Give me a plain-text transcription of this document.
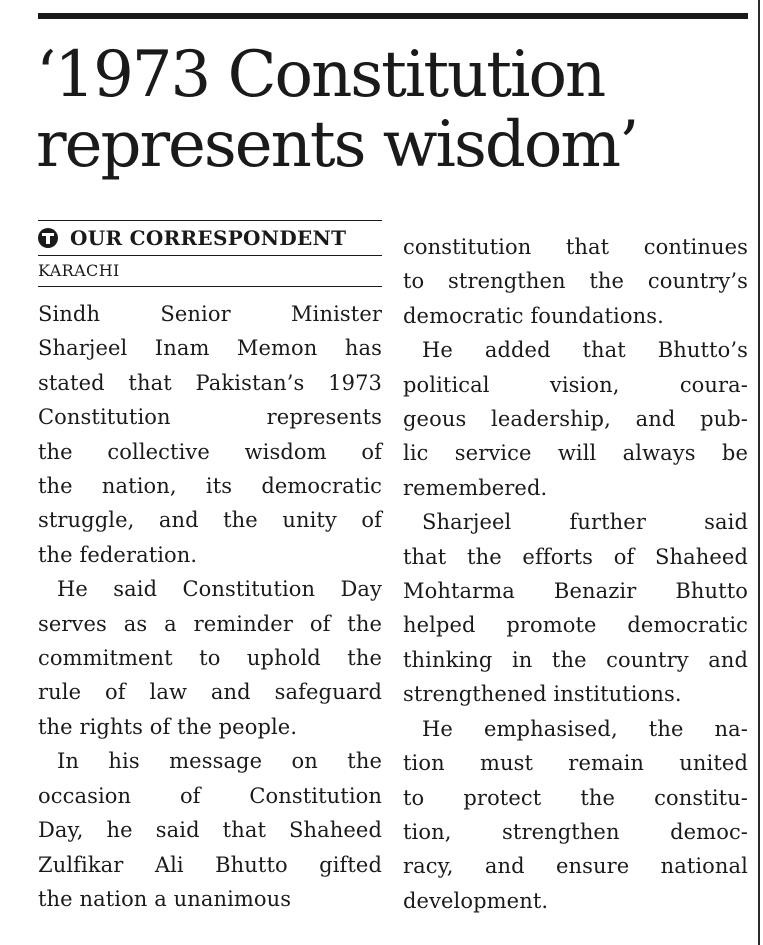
‘1973 Constitution
represents wisdom’
OUR CORRESPONDENT
KARACHI
Sindh Senior Minister
Sharjeel Inam Memon has
stated that Pakistan’s 1973
Constitution represents
the collective wisdom of
the nation, its democratic
struggle, and the unity of
the federation.
He said Constitution Day
serves as a reminder of the
commitment to uphold the
rule of law and safeguard
the rights of the people.
In his message on the
occasion of Constitution
Day, he said that Shaheed
Zulfikar Ali Bhutto gifted
the nation a unanimous
constitution that continues
to strengthen the country’s
democratic foundations.
He added that Bhutto’s
political vision, coura-
geous leadership, and pub-
lic service will always be
remembered.
Sharjeel further said
that the efforts of Shaheed
Mohtarma Benazir Bhutto
helped promote democratic
thinking in the country and
strengthened institutions.
He emphasised, the na-
tion must remain united
to protect the constitu-
tion, strengthen democ-
racy, and ensure national
development.
